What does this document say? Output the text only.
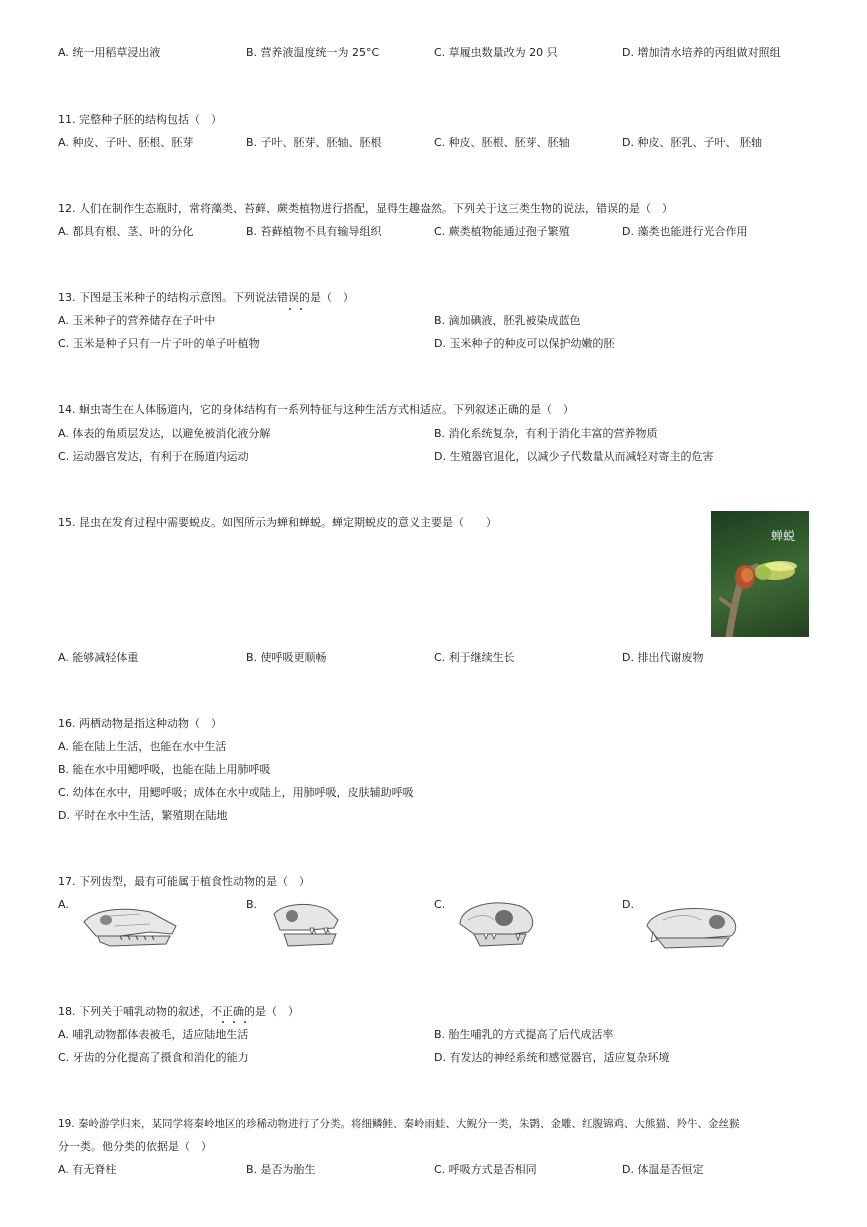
A. 统一用稻草浸出液	B. 营养液温度统一为 25°C	C. 草履虫数量改为 20 只	D. 增加清水培养的丙组做对照组
11. 完整种子胚的结构包括（　）
A. 种皮、子叶、胚根、胚芽	B. 子叶、胚芽、胚轴、胚根	C. 种皮、胚根、胚芽、胚轴	D. 种皮、胚乳、子叶、 胚轴
12. 人们在制作生态瓶时，常将藻类、苔藓、蕨类植物进行搭配，显得生趣盎然。下列关于这三类生物的说法，错误的是（　）
A. 都具有根、茎、叶的分化	B. 苔藓植物不具有输导组织	C. 蕨类植物能通过孢子繁殖	D. 藻类也能进行光合作用
13. 下图是玉米种子的结构示意图。下列说法错误的是（　）
A. 玉米种子的营养储存在子叶中	B. 滴加碘液，胚乳被染成蓝色
C. 玉米是种子只有一片子叶的单子叶植物	D. 玉米种子的种皮可以保护幼嫩的胚
14. 蛔虫寄生在人体肠道内，它的身体结构有一系列特征与这种生活方式相适应。下列叙述正确的是（　）
A. 体表的角质层发达，以避免被消化液分解	B. 消化系统复杂，有利于消化丰富的营养物质
C. 运动器官发达，有利于在肠道内运动	D. 生殖器官退化，以减少子代数量从而减轻对寄主的危害
15. 昆虫在发育过程中需要蜕皮。如图所示为蝉和蝉蜕。蝉定期蜕皮的意义主要是（　　）
蝉蜕
A. 能够减轻体重	B. 使呼吸更顺畅	C. 利于继续生长	D. 排出代谢废物
16. 两栖动物是指这种动物（　）
A. 能在陆上生活，也能在水中生活
B. 能在水中用鳃呼吸，也能在陆上用肺呼吸
C. 幼体在水中，用鳃呼吸；成体在水中或陆上，用肺呼吸，皮肤辅助呼吸
D. 平时在水中生活，繁殖期在陆地
17. 下列齿型，最有可能属于植食性动物的是（　）
A.	B.	C.	D.
18. 下列关于哺乳动物的叙述，不正确的是（　）
A. 哺乳动物都体表被毛，适应陆地生活	B. 胎生哺乳的方式提高了后代成活率
C. 牙齿的分化提高了摄食和消化的能力	D. 有发达的神经系统和感觉器官，适应复杂环境
19. 秦岭游学归来，某同学将秦岭地区的珍稀动物进行了分类。将细鳞鲑、秦岭雨蛙、大鲵分一类，朱鹮、金雕、红腹锦鸡、大熊猫、羚牛、金丝猴
分一类。他分类的依据是（　）
A. 有无脊柱	B. 是否为胎生	C. 呼吸方式是否相同	D. 体温是否恒定
